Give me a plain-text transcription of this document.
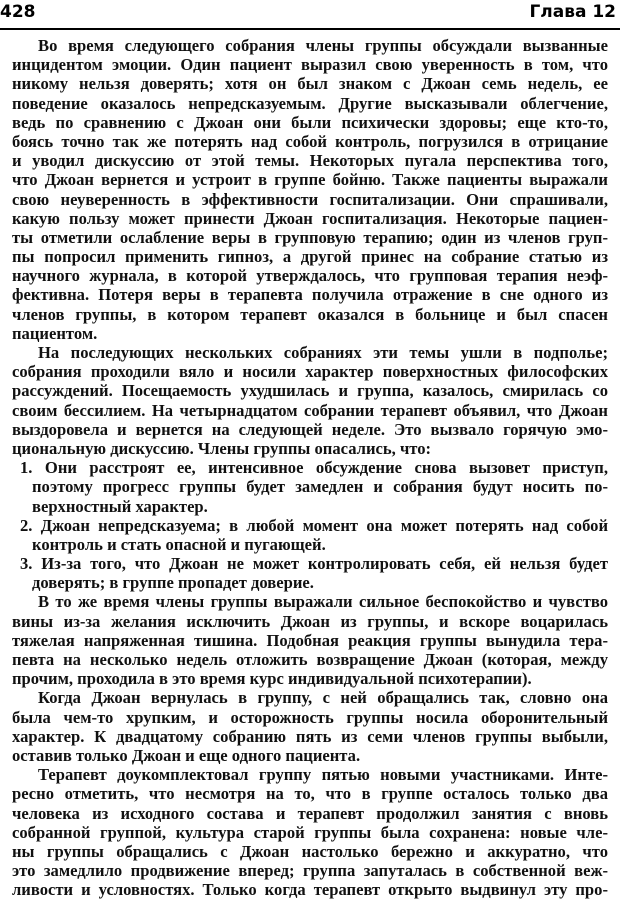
428	Глава 12
Во время следующего собрания члены группы обсуждали вызванные
инцидентом эмоции. Один пациент выразил свою уверенность в том, что
никому нельзя доверять; хотя он был знаком с Джоан семь недель, ее
поведение оказалось непредсказуемым. Другие высказывали облегчение,
ведь по сравнению с Джоан они были психически здоровы; еще кто-то,
боясь точно так же потерять над собой контроль, погрузился в отрицание
и уводил дискуссию от этой темы. Некоторых пугала перспектива того,
что Джоан вернется и устроит в группе бойню. Также пациенты выражали
свою неуверенность в эффективности госпитализации. Они спрашивали,
какую пользу может принести Джоан госпитализация. Некоторые пациен-
ты отметили ослабление веры в групповую терапию; один из членов груп-
пы попросил применить гипноз, а другой принес на собрание статью из
научного журнала, в которой утверждалось, что групповая терапия неэф-
фективна. Потеря веры в терапевта получила отражение в сне одного из
членов группы, в котором терапевт оказался в больнице и был спасен
пациентом.
На последующих нескольких собраниях эти темы ушли в подполье;
собрания проходили вяло и носили характер поверхностных философских
рассуждений. Посещаемость ухудшилась и группа, казалось, смирилась со
своим бессилием. На четырнадцатом собрании терапевт объявил, что Джоан
выздоровела и вернется на следующей неделе. Это вызвало горячую эмо-
циональную дискуссию. Члены группы опасались, что:
1. Они расстроят ее, интенсивное обсуждение снова вызовет приступ,
поэтому прогресс группы будет замедлен и собрания будут носить по-
верхностный характер.
2. Джоан непредсказуема; в любой момент она может потерять над собой
контроль и стать опасной и пугающей.
3. Из-за того, что Джоан не может контролировать себя, ей нельзя будет
доверять; в группе пропадет доверие.
В то же время члены группы выражали сильное беспокойство и чувство
вины из-за желания исключить Джоан из группы, и вскоре воцарилась
тяжелая напряженная тишина. Подобная реакция группы вынудила тера-
певта на несколько недель отложить возвращение Джоан (которая, между
прочим, проходила в это время курс индивидуальной психотерапии).
Когда Джоан вернулась в группу, с ней обращались так, словно она
была чем-то хрупким, и осторожность группы носила оборонительный
характер. К двадцатому собранию пять из семи членов группы выбыли,
оставив только Джоан и еще одного пациента.
Терапевт доукомплектовал группу пятью новыми участниками. Инте-
ресно отметить, что несмотря на то, что в группе осталось только два
человека из исходного состава и терапевт продолжил занятия с вновь
собранной группой, культура старой группы была сохранена: новые чле-
ны группы обращались с Джоан настолько бережно и аккуратно, что
это замедлило продвижение вперед; группа запуталась в собственной веж-
ливости и условностях. Только когда терапевт открыто выдвинул эту про-
